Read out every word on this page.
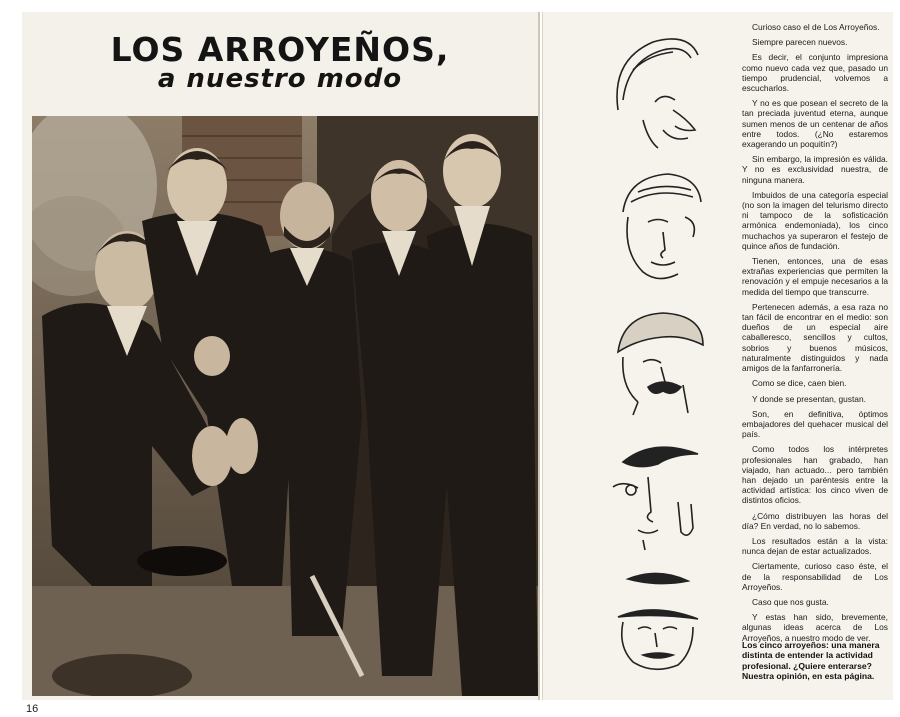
LOS ARROYEÑOS,
a nuestro modo
16

Curioso caso el de Los Arroyeños.

Siempre parecen nuevos.

Es decir, el conjunto impresiona como nuevo cada vez que, pasado un tiempo prudencial, volvemos a escucharlos.

Y no es que posean el secreto de la tan preciada juventud eterna, aunque sumen menos de un centenar de años entre todos. (¿No estaremos exagerando un poquitín?)

Sin embargo, la impresión es válida. Y no es exclusividad nuestra, de ninguna manera.

Imbuidos de una categoría especial (no son la imagen del telurismo directo ni tampoco de la sofisticación armónica endemoniada), los cinco muchachos ya superaron el festejo de quince años de fundación.

Tienen, entonces, una de esas extrañas experiencias que permiten la renovación y el empuje necesarios a la medida del tiempo que transcurre.

Pertenecen además, a esa raza no tan fácil de encontrar en el medio: son dueños de un especial aire caballeresco, sencillos y cultos, sobrios y buenos músicos, naturalmente distinguidos y nada amigos de la fanfarronería.

Como se dice, caen bien.

Y donde se presentan, gustan.

Son, en definitiva, óptimos embajadores del quehacer musical del país.

Como todos los intérpretes profesionales han grabado, han viajado, han actuado... pero también han dejado un paréntesis entre la actividad artística: los cinco viven de distintos oficios.

¿Cómo distribuyen las horas del día? En verdad, no lo sabemos.

Los resultados están a la vista: nunca dejan de estar actualizados.

Ciertamente, curioso caso éste, el de la responsabilidad de Los Arroyeños.

Caso que nos gusta.

Y estas han sido, brevemente, algunas ideas acerca de Los Arroyeños, a nuestro modo de ver.

Los cinco arroyeños: una manera distinta de entender la actividad profesional. ¿Quiere enterarse? Nuestra opinión, en esta página.
